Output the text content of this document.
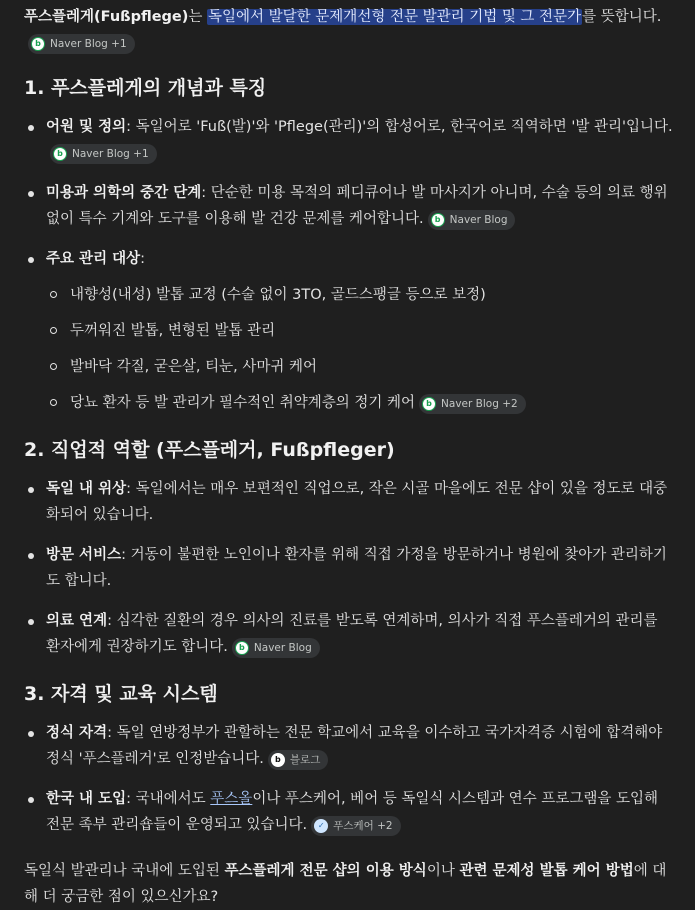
푸스플레게(Fußpflege)는 독일에서 발달한 문제개선형 전문 발관리 기법 및 그 전문가를 뜻합니다.
b Naver Blog +1

1. 푸스플레게의 개념과 특징
어원 및 정의: 독일어로 'Fuß(발)'와 'Pflege(관리)'의 합성어로, 한국어로 직역하면 '발 관리'입니다.
b Naver Blog +1
미용과 의학의 중간 단계: 단순한 미용 목적의 페디큐어나 발 마사지가 아니며, 수술 등의 의료 행위 없이 특수 기계와 도구를 이용해 발 건강 문제를 케어합니다.	b Naver Blog
주요 관리 대상:
내향성(내성) 발톱 교정 (수술 없이 3TO, 골드스팽글 등으로 보정)
두꺼워진 발톱, 변형된 발톱 관리
발바닥 각질, 굳은살, 티눈, 사마귀 케어
당뇨 환자 등 발 관리가 필수적인 취약계층의 정기 케어	b Naver Blog +2
2. 직업적 역할 (푸스플레거, Fußpfleger)
독일 내 위상: 독일에서는 매우 보편적인 직업으로, 작은 시골 마을에도 전문 샵이 있을 정도로 대중화되어 있습니다.
방문 서비스: 거동이 불편한 노인이나 환자를 위해 직접 가정을 방문하거나 병원에 찾아가 관리하기도 합니다.
의료 연계: 심각한 질환의 경우 의사의 진료를 받도록 연계하며, 의사가 직접 푸스플레거의 관리를 환자에게 권장하기도 합니다.	b Naver Blog
3. 자격 및 교육 시스템
정식 자격: 독일 연방정부가 관할하는 전문 학교에서 교육을 이수하고 국가자격증 시험에 합격해야 정식 '푸스플레거'로 인정받습니다.	b 블로그
한국 내 도입: 국내에서도 푸스올이나 푸스케어, 베어 등 독일식 시스템과 연수 프로그램을 도입해 전문 족부 관리숍들이 운영되고 있습니다.	✓ 푸스케어 +2

독일식 발관리나 국내에 도입된 푸스플레게 전문 샵의 이용 방식이나 관련 문제성 발톱 케어 방법에 대해 더 궁금한 점이 있으신가요?
